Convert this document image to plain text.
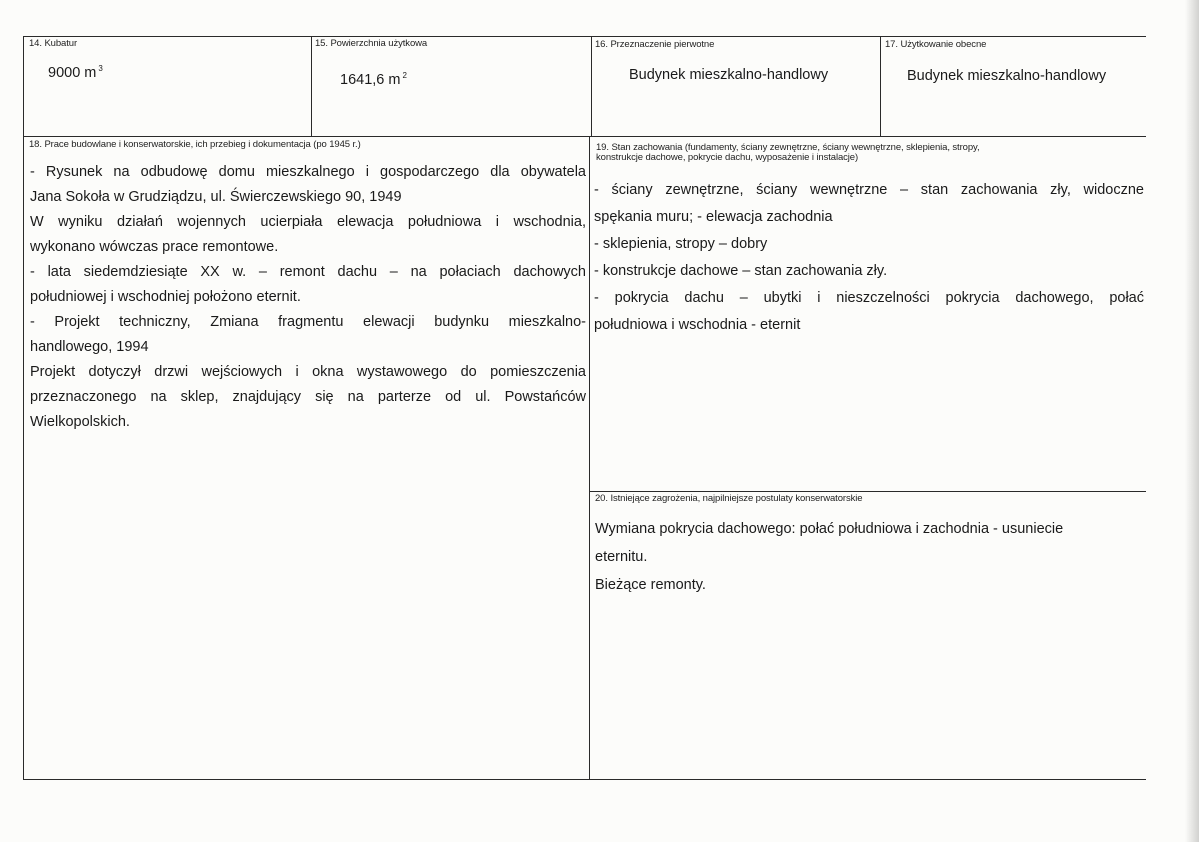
14. Kubatur
9000 m $^3$
15. Powierzchnia użytkowa
1641,6 m $^2$
16. Przeznaczenie pierwotne
Budynek mieszkalno-handlowy
17. Użytkowanie obecne
Budynek mieszkalno-handlowy
18. Prace budowlane i konserwatorskie, ich przebieg i dokumentacja (po 1945 r.)

- Rysunek na odbudowę domu mieszkalnego i gospodarczego dla obywatela

Jana Sokoła w Grudziądzu, ul. Świerczewskiego 90, 1949

W wyniku działań wojennych ucierpiała elewacja południowa i wschodnia,

wykonano wówczas prace remontowe.

- lata siedemdziesiąte XX w. – remont dachu – na połaciach dachowych

południowej i wschodniej położono eternit.

- Projekt techniczny, Zmiana fragmentu elewacji budynku mieszkalno-

handlowego, 1994

Projekt dotyczył drzwi wejściowych i okna wystawowego do pomieszczenia

przeznaczonego na sklep, znajdujący się na parterze od ul. Powstańców

Wielkopolskich.

19. Stan zachowania (fundamenty, ściany zewnętrzne, ściany wewnętrzne, sklepienia, stropy,
konstrukcje dachowe, pokrycie dachu, wyposażenie i instalacje)

- ściany zewnętrzne, ściany wewnętrzne – stan zachowania zły, widoczne

spękania muru; - elewacja zachodnia

- sklepienia, stropy – dobry

- konstrukcje dachowe – stan zachowania zły.

- pokrycia dachu – ubytki i nieszczelności pokrycia dachowego, połać

południowa i wschodnia - eternit

20. Istniejące zagrożenia, najpilniejsze postulaty konserwatorskie

Wymiana pokrycia dachowego: połać południowa i zachodnia - usuniecie

eternitu.

Bieżące remonty.
